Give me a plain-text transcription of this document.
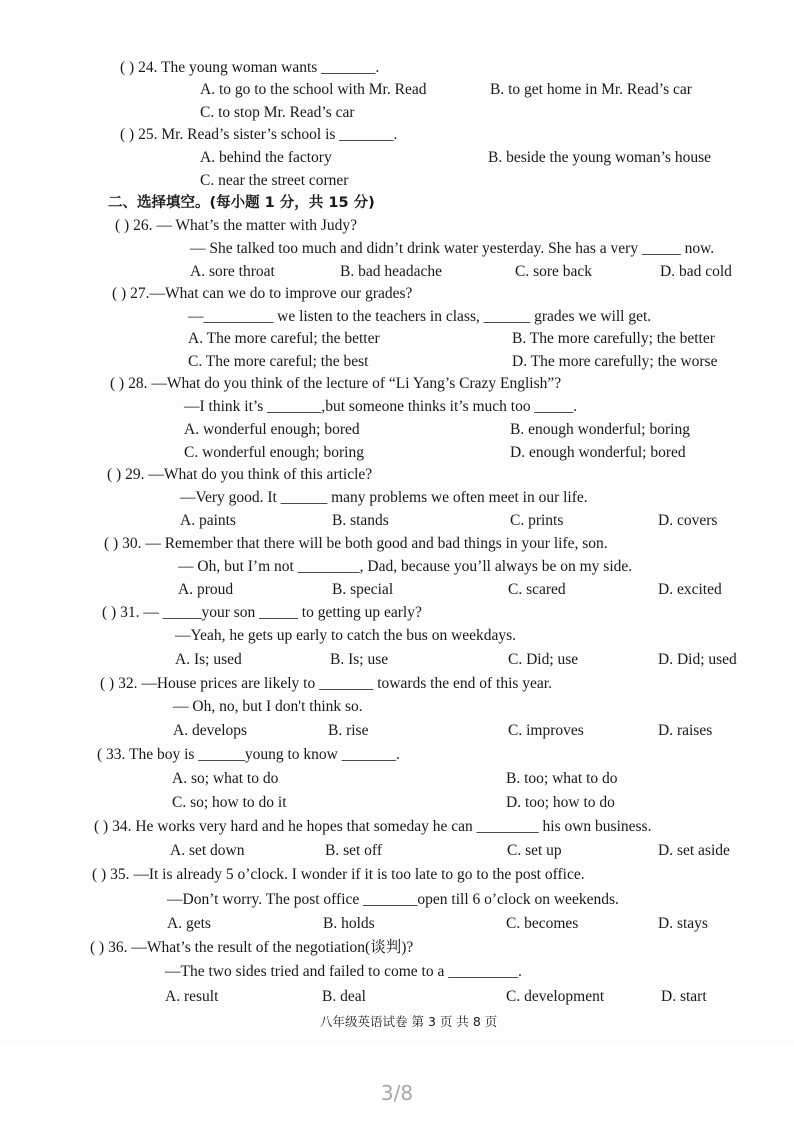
( ) 24. The young woman wants _______.
A. to go to the school with Mr. Read	B. to get home in Mr. Read’s car
C. to stop Mr. Read’s car
( ) 25. Mr. Read’s sister’s school is _______.
A. behind the factory	B. beside the young woman’s house
C. near the street corner
二、选择填空。(每小题 1 分，共 15 分)
( ) 26. — What’s the matter with Judy?
— She talked too much and didn’t drink water yesterday. She has a very _____ now.
A. sore throat	B. bad headache	C. sore back	D. bad cold
( ) 27.—What can we do to improve our grades?
—_________ we listen to the teachers in class, ______ grades we will get.
A. The more careful; the better	B. The more carefully; the better
C. The more careful; the best	D. The more carefully; the worse
( ) 28. —What do you think of the lecture of “Li Yang’s Crazy English”?
—I think it’s _______,but someone thinks it’s much too _____.
A. wonderful enough; bored	B. enough wonderful; boring
C. wonderful enough; boring	D. enough wonderful; bored
( ) 29. —What do you think of this article?
—Very good. It ______ many problems we often meet in our life.
A. paints	B. stands	C. prints	D. covers
( ) 30. — Remember that there will be both good and bad things in your life, son.
— Oh, but I’m not ________, Dad, because you’ll always be on my side.
A. proud	B. special	C. scared	D. excited
( ) 31. — _____your son _____ to getting up early?
—Yeah, he gets up early to catch the bus on weekdays.
A. Is; used	B. Is; use	C. Did; use	D. Did; used
( ) 32. —House prices are likely to _______ towards the end of this year.
— Oh, no, but I don't think so.
A. develops	B. rise	C. improves	D. raises
( 33. The boy is ______young to know _______.
A. so; what to do	B. too; what to do
C. so; how to do it	D. too; how to do
( ) 34. He works very hard and he hopes that someday he can ________ his own business.
A. set down	B. set off	C. set up	D. set aside
( ) 35. —It is already 5 o’clock. I wonder if it is too late to go to the post office.
—Don’t worry. The post office _______open till 6 o’clock on weekends.
A. gets	B. holds	C. becomes	D. stays
( ) 36. —What’s the result of the negotiation(谈判)?
—The two sides tried and failed to come to a _________.
A. result	B. deal	C. development	D. start
八年级英语试卷 第 3 页 共 8 页
3/8
